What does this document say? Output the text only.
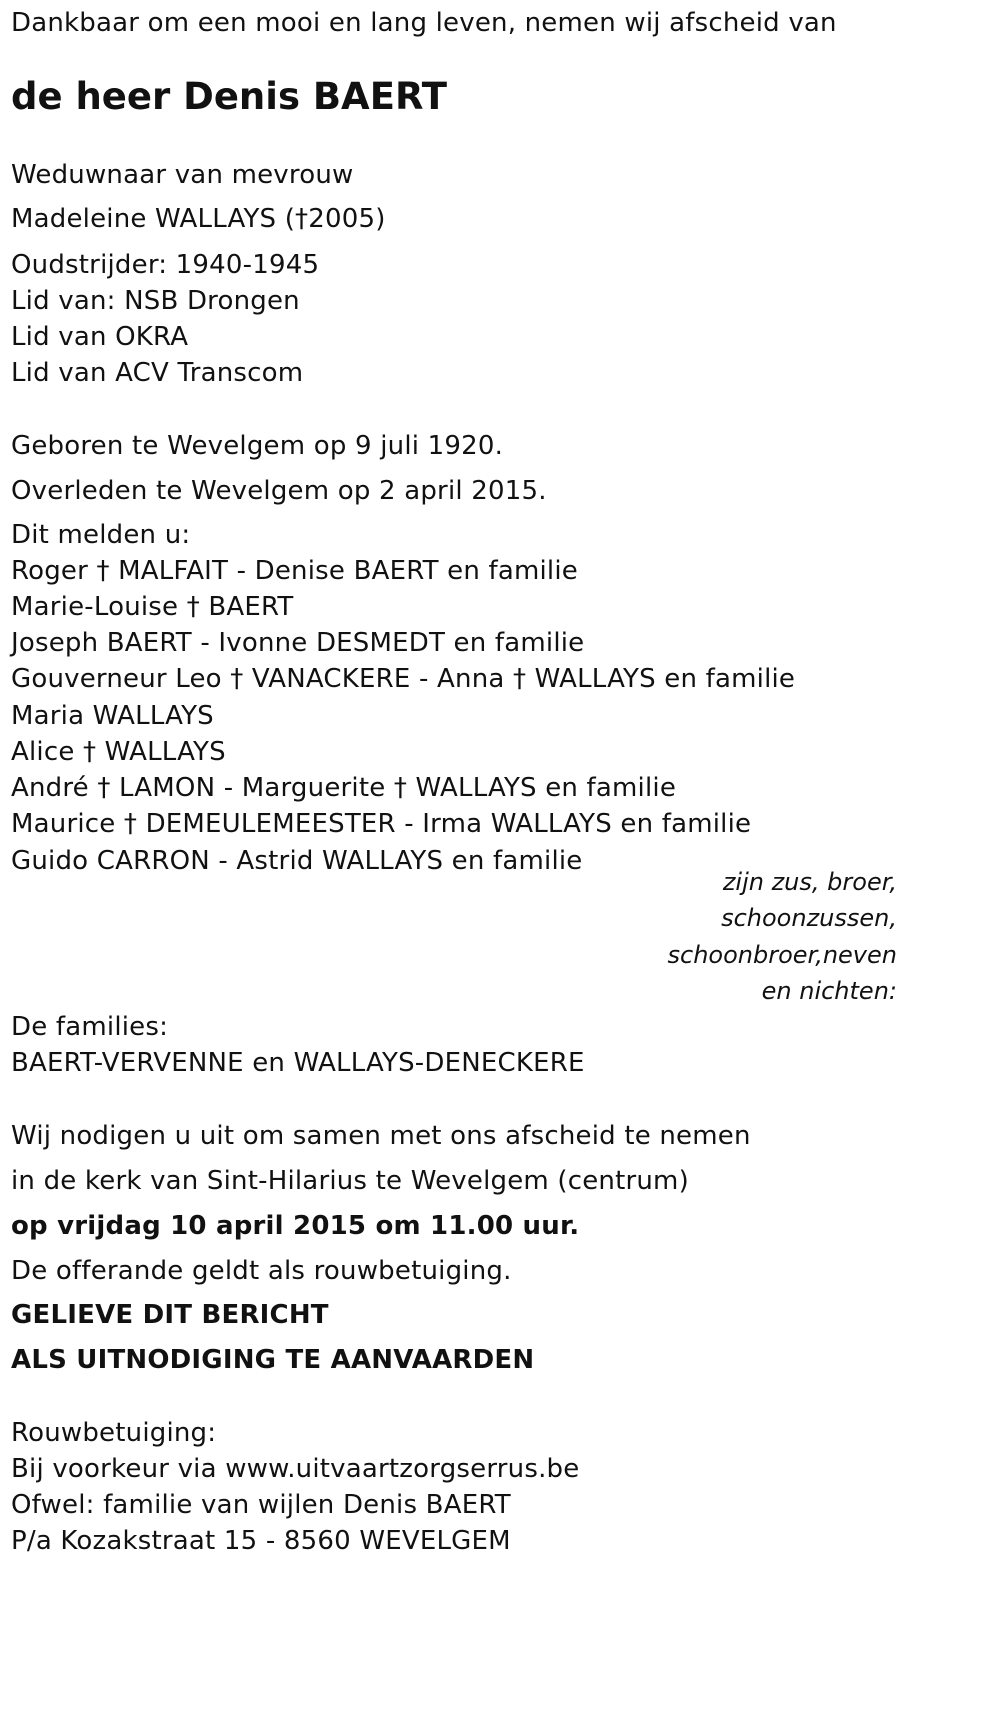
Dankbaar om een mooi en lang leven, nemen wij afscheid van
de heer Denis BAERT
Weduwnaar van mevrouw
Madeleine WALLAYS (†2005)
Oudstrijder: 1940-1945
Lid van: NSB Drongen
Lid van OKRA
Lid van ACV Transcom
Geboren te Wevelgem op 9 juli 1920.
Overleden te Wevelgem op 2 april 2015.
Dit melden u:
Roger † MALFAIT - Denise BAERT en familie
Marie-Louise † BAERT
Joseph BAERT - Ivonne DESMEDT en familie
Gouverneur Leo † VANACKERE - Anna † WALLAYS en familie
Maria WALLAYS
Alice † WALLAYS
André † LAMON - Marguerite † WALLAYS en familie
Maurice † DEMEULEMEESTER - Irma WALLAYS en familie
Guido CARRON - Astrid WALLAYS en familie
zijn zus, broer,
schoonzussen,
schoonbroer,neven
en nichten:
De families:
BAERT-VERVENNE en WALLAYS-DENECKERE
Wij nodigen u uit om samen met ons afscheid te nemen
in de kerk van Sint-Hilarius te Wevelgem (centrum)
op vrijdag 10 april 2015 om 11.00 uur.
De offerande geldt als rouwbetuiging.
GELIEVE DIT BERICHT
ALS UITNODIGING TE AANVAARDEN
Rouwbetuiging:
Bij voorkeur via www.uitvaartzorgserrus.be
Ofwel: familie van wijlen Denis BAERT
P/a Kozakstraat 15 - 8560 WEVELGEM
